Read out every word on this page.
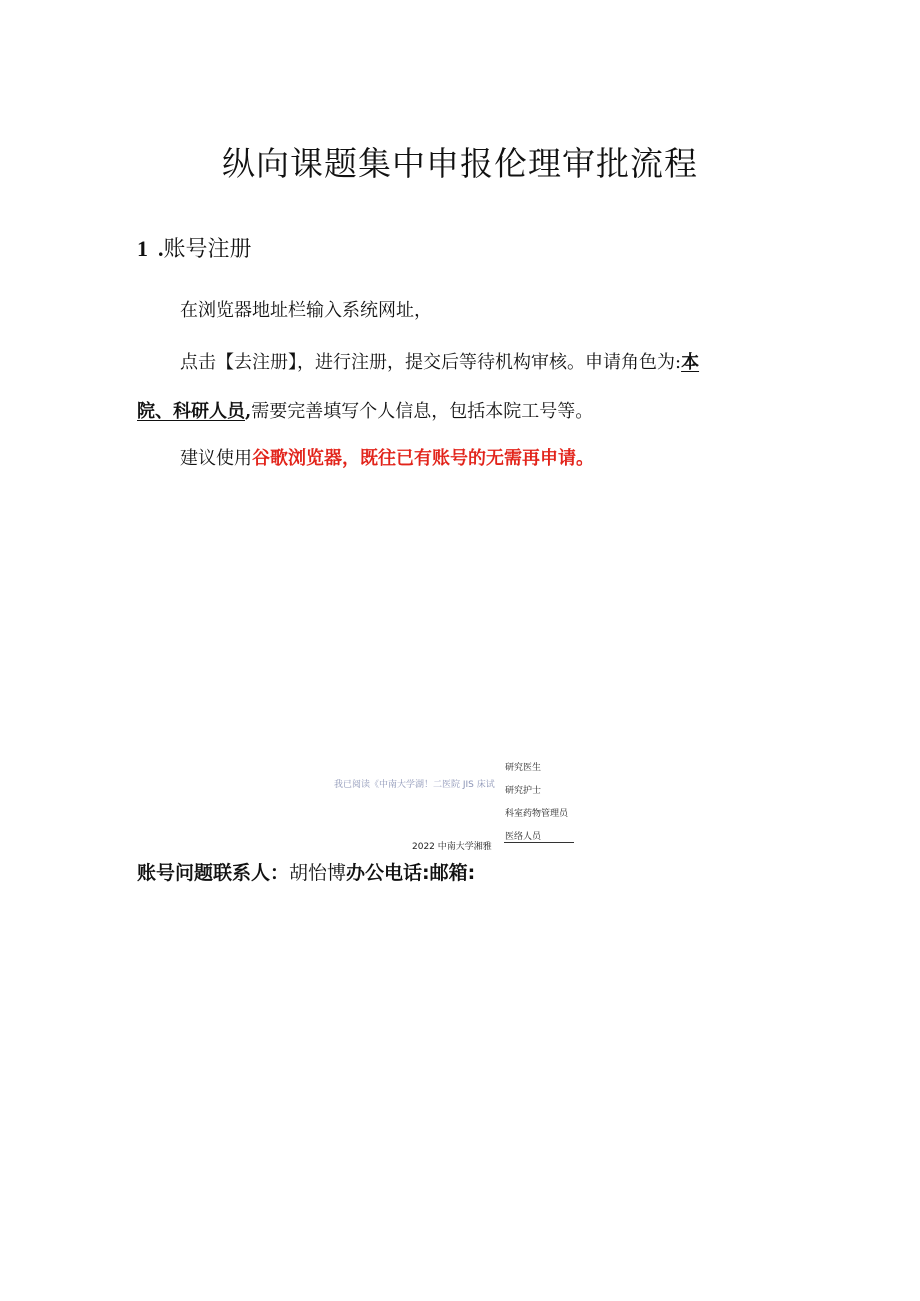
纵向课题集中申报伦理审批流程
1 .账号注册

在浏览器地址栏输入系统网址，

点击【去注册】，进行注册，提交后等待机构审核。申请角色为:本

院、科研人员,需要完善填写个人信息，包括本院工号等。

建议使用谷歌浏览器，既往已有账号的无需再申请。

我已阅读《中南大学湖！二医院 JIS 床试
研究医生
研究护士
科室药物管理员
医络人员
2022 中南大学湘雅

账号问题联系人：胡怡博办公电话:邮箱:
